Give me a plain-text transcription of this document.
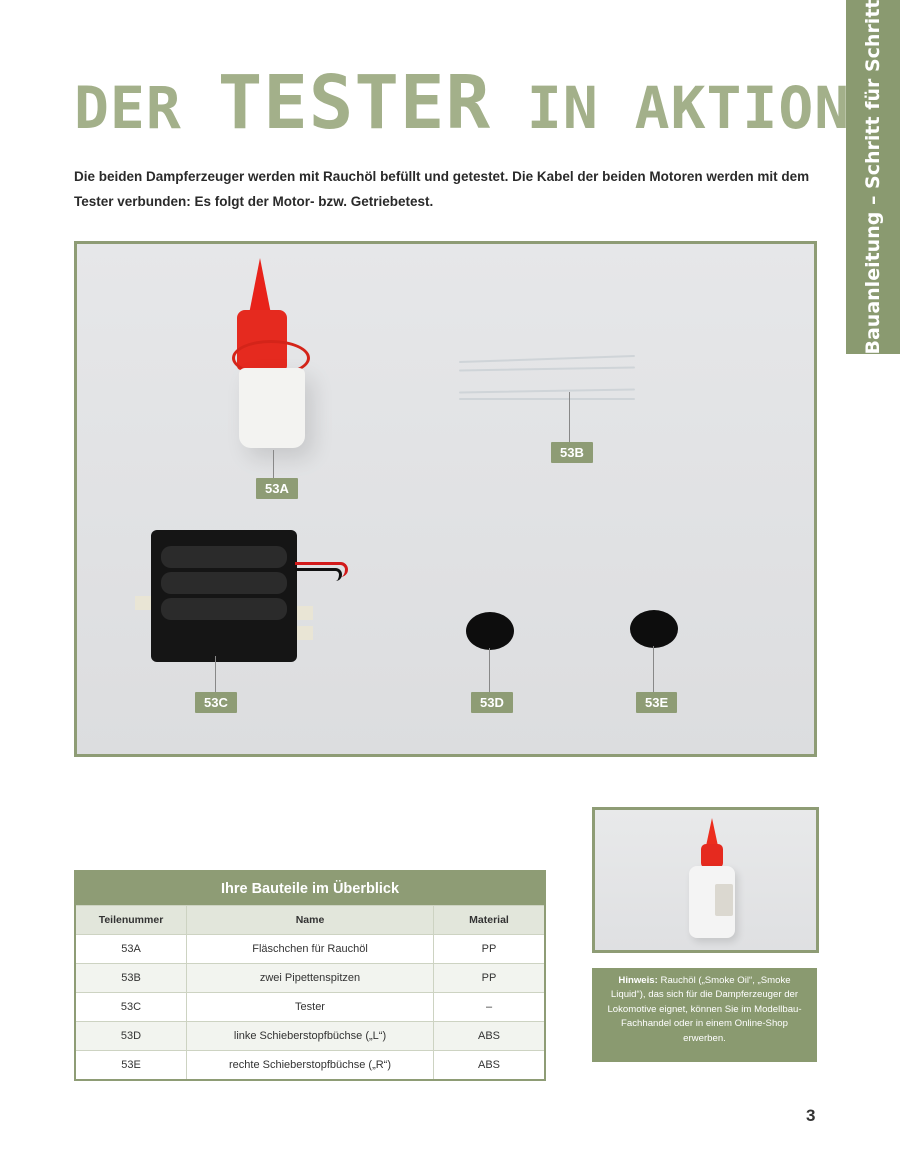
Bauanleitung – Schritt für Schritt
DER TESTER IN AKTION

Die beiden Dampferzeuger werden mit Rauchöl befüllt und getestet. Die Kabel der beiden Motoren werden mit dem Tester verbunden: Es folgt der Motor- bzw. Getriebetest.

53A
53B
53C	53D	53E
Ihre Bauteile im Überblick		
Teilenummer	Name	Material
53A	Fläschchen für Rauchöl	PP
53B	zwei Pipettenspitzen	PP
53C	Tester	–
53D	linke Schieberstopfbüchse („L“)	ABS
53E	rechte Schieberstopfbüchse („R“)	ABS
Hinweis: Rauchöl („Smoke Oil“, „Smoke Liquid“), das sich für die Dampferzeuger der Lokomotive eignet, können Sie im Modellbau-Fachhandel oder in einem Online-Shop erwerben.
3
